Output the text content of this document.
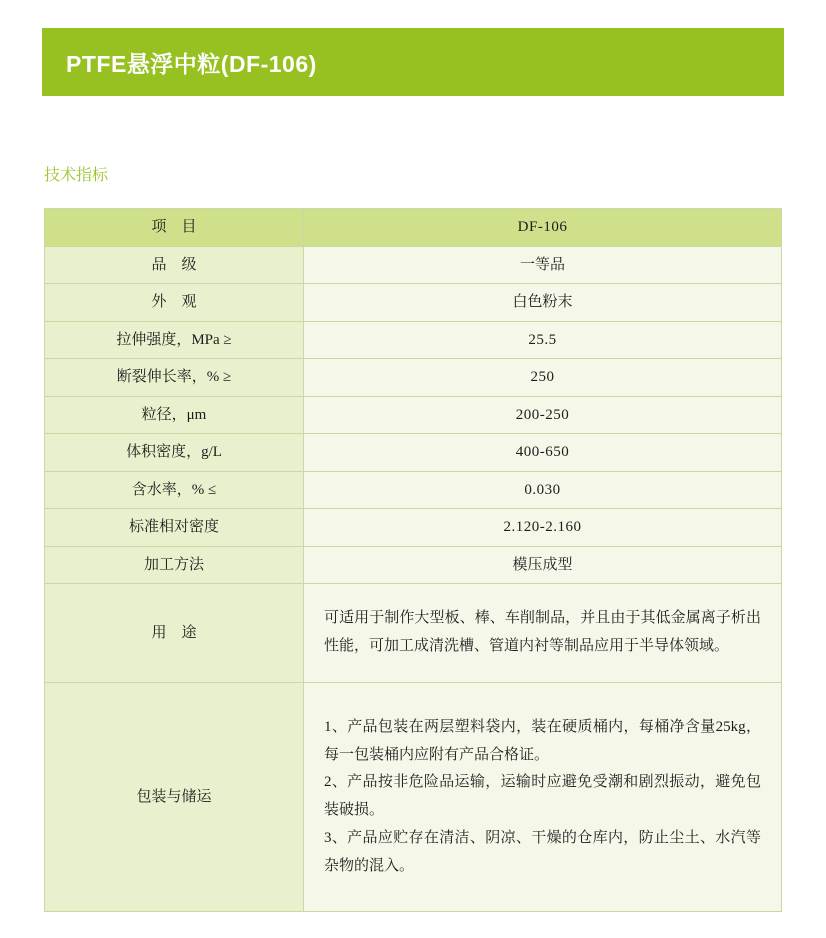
PTFE悬浮中粒(DF-106)
技术指标
项　目	DF-106

品　级	一等品

外　观	白色粉末

拉伸强度，MPa ≥	25.5

断裂伸长率，% ≥	250

粒径，μm	200-250

体积密度，g/L	400-650

含水率，% ≤	0.030

标准相对密度	2.120-2.160

加工方法	模压成型

用　途	可适用于制作大型板、棒、车削制品，并且由于其低金属离子析出性能，可加工成清洗槽、管道内衬等制品应用于半导体领域。

包装与储运	1、产品包装在两层塑料袋内，装在硬质桶内，每桶净含量25kg，每一包装桶内应附有产品合格证。
2、产品按非危险品运输，运输时应避免受潮和剧烈振动，避免包装破损。
3、产品应贮存在清洁、阴凉、干燥的仓库内，防止尘土、水汽等杂物的混入。
